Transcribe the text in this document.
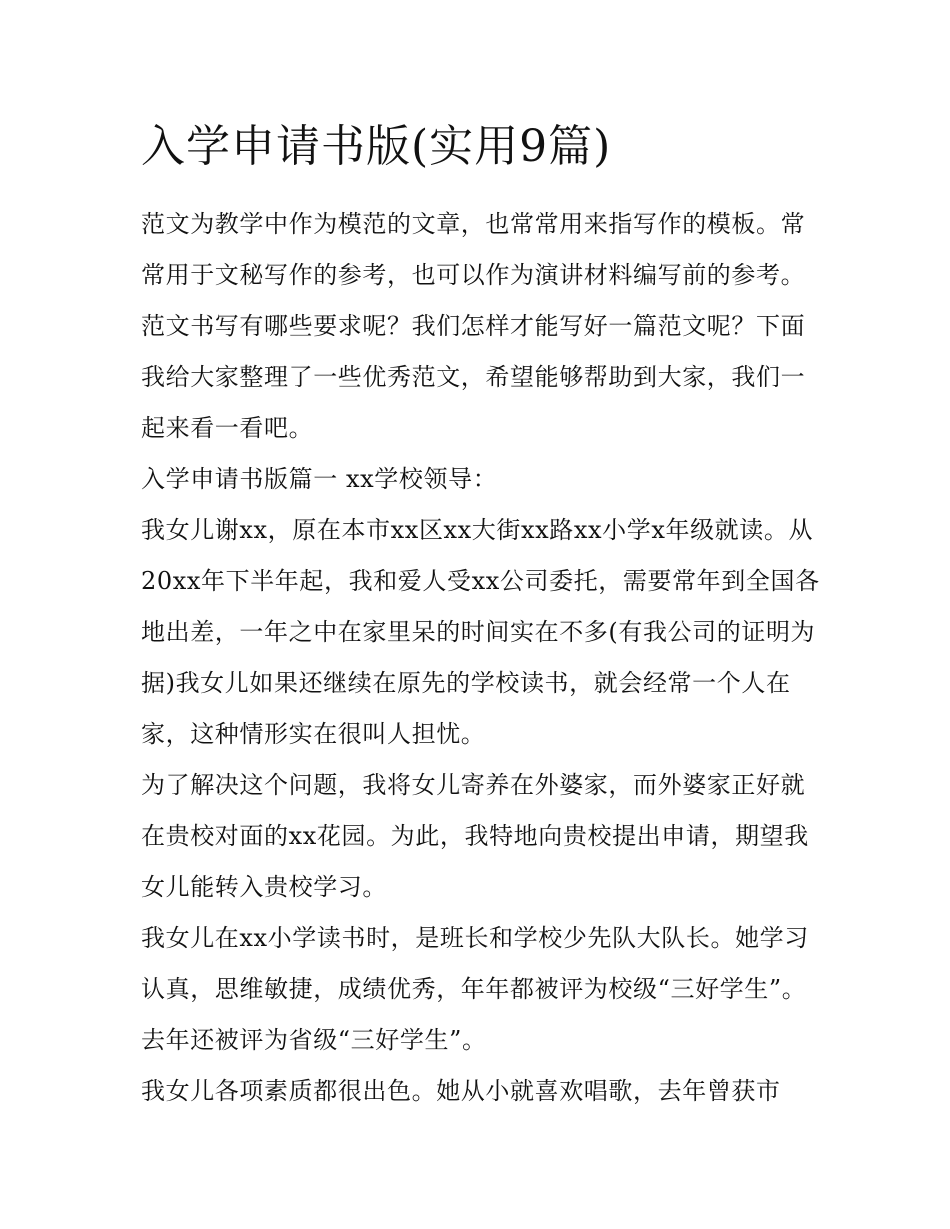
入学申请书版(实用9篇)

范文为教学中作为模范的文章，也常常用来指写作的模板。常常用于文秘写作的参考，也可以作为演讲材料编写前的参考。范文书写有哪些要求呢？我们怎样才能写好一篇范文呢？下面我给大家整理了一些优秀范文，希望能够帮助到大家，我们一起来看一看吧。

入学申请书版篇一 xx学校领导：

我女儿谢xx，原在本市xx区xx大街xx路xx小学x年级就读。从20xx年下半年起，我和爱人受xx公司委托，需要常年到全国各地出差，一年之中在家里呆的时间实在不多(有我公司的证明为据)我女儿如果还继续在原先的学校读书，就会经常一个人在家，这种情形实在很叫人担忧。

为了解决这个问题，我将女儿寄养在外婆家，而外婆家正好就在贵校对面的xx花园。为此，我特地向贵校提出申请，期望我女儿能转入贵校学习。

我女儿在xx小学读书时，是班长和学校少先队大队长。她学习认真，思维敏捷，成绩优秀，年年都被评为校级“三好学生”。去年还被评为省级“三好学生”。

我女儿各项素质都很出色。她从小就喜欢唱歌，去年曾获市
